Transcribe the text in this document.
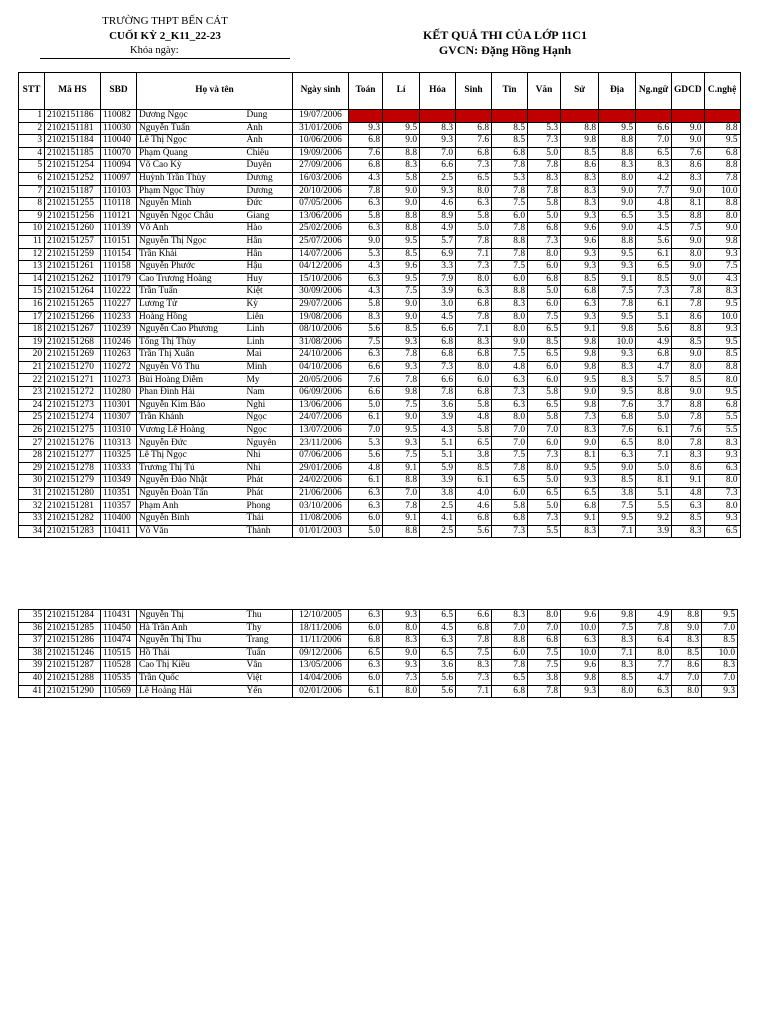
TRƯỜNG THPT BẾN CÁT
CUỐI KỲ 2_K11_22-23
Khóa ngày:
KẾT QUẢ THI CỦA LỚP 11C1
GVCN: Đặng Hồng Hạnh
STT	Mã HS	SBD	Họ và tên		Ngày sinh	Toán	Lí	Hóa	Sinh	Tin	Văn	Sử	Địa	Ng.ngữ	GDCD	C.nghệ
1	2102151186	110082	Dương Ngọc	Dung	19/07/2006											
2	2102151181	110030	Nguyễn Tuấn	Anh	31/01/2006	9.3	9.5	8.3	6.8	8.5	5.3	8.8	9.5	6.6	9.0	8.8
3	2102151184	110040	Lê Thị Ngọc	Ánh	10/06/2006	6.8	9.0	9.3	7.6	8.5	7.3	9.8	8.8	7.0	9.0	9.5
4	2102151185	110070	Phạm Quang	Chiêu	19/09/2006	7.6	8.8	7.0	6.8	6.8	5.0	8.5	8.8	6.5	7.6	6.8
5	2102151254	110094	Võ Cao Kỳ	Duyên	27/09/2006	6.8	8.3	6.6	7.3	7.8	7.8	8.6	8.3	8.3	8.6	8.8
6	2102151252	110097	Huỳnh Trần Thùy	Dương	16/03/2006	4.3	5.8	2.5	6.5	5.3	8.3	8.3	8.0	4.2	8.3	7.8
7	2102151187	110103	Phạm Ngọc Thùy	Dương	20/10/2006	7.8	9.0	9.3	8.0	7.8	7.8	8.3	9.0	7.7	9.0	10.0
8	2102151255	110118	Nguyễn Minh	Đức	07/05/2006	6.3	9.0	4.6	6.3	7.5	5.8	8.3	9.0	4.8	8.1	8.8
9	2102151256	110121	Nguyễn Ngọc Châu	Giang	13/06/2006	5.8	8.8	8.9	5.8	6.0	5.0	9.3	6.5	3.5	8.8	8.0
10	2102151260	110139	Võ Anh	Hào	25/02/2006	6.3	8.8	4.9	5.0	7.8	6.8	9.6	9.0	4.5	7.5	9.0
11	2102151257	110151	Nguyễn Thị Ngọc	Hân	25/07/2006	9.0	9.5	5.7	7.8	8.8	7.3	9.6	8.8	5.6	9.0	9.8
12	2102151259	110154	Trần Khải	Hân	14/07/2006	5.3	8.5	6.9	7.1	7.8	8.0	9.3	9.5	6.1	8.0	9.3
13	2102151261	110158	Nguyễn Phước	Hậu	04/12/2006	4.3	9.6	3.3	7.3	7.5	6.0	9.3	9.3	6.5	9.0	7.5
14	2102151262	110179	Cao Trương Hoàng	Huy	15/10/2006	6.3	9.5	7.9	8.0	6.0	6.8	8.5	9.1	8.5	9.0	4.3
15	2102151264	110222	Trần Tuấn	Kiệt	30/09/2006	4.3	7.5	3.9	6.3	8.8	5.0	6.8	7.5	7.3	7.8	8.3
16	2102151265	110227	Lương Tử	Kỳ	29/07/2006	5.8	9.0	3.0	6.8	8.3	6.0	6.3	7.8	6.1	7.8	9.5
17	2102151266	110233	Hoàng Hồng	Liên	19/08/2006	8.3	9.0	4.5	7.8	8.0	7.5	9.3	9.5	5.1	8.6	10.0
18	2102151267	110239	Nguyễn Cao Phương	Linh	08/10/2006	5.6	8.5	6.6	7.1	8.0	6.5	9.1	9.8	5.6	8.8	9.3
19	2102151268	110246	Tống Thị Thùy	Linh	31/08/2006	7.5	9.3	6.8	8.3	9.0	8.5	9.8	10.0	4.9	8.5	9.5
20	2102151269	110263	Trần Thị Xuân	Mai	24/10/2006	6.3	7.8	6.8	6.8	7.5	6.5	9.8	9.3	6.8	9.0	8.5
21	2102151270	110272	Nguyễn Võ Thu	Minh	04/10/2006	6.6	9.3	7.3	8.0	4.8	6.0	9.8	8.3	4.7	8.0	8.8
22	2102151271	110273	Bùi Hoàng Diễm	My	20/05/2006	7.6	7.8	6.6	6.0	6.3	6.0	9.5	8.3	5.7	8.5	8.0
23	2102151272	110280	Phan Đình Hải	Nam	06/09/2006	6.6	9.8	7.8	6.8	7.3	5.8	9.0	9.5	8.8	9.0	9.5
24	2102151273	110301	Nguyễn Kim Bảo	Nghi	13/06/2006	5.0	7.5	3.6	5.8	6.3	6.5	9.8	7.6	3.7	8.8	6.8
25	2102151274	110307	Trần Khánh	Ngọc	24/07/2006	6.1	9.0	3.9	4.8	8.0	5.8	7.3	6.8	5.0	7.8	5.5
26	2102151275	110310	Vương Lê Hoàng	Ngọc	13/07/2006	7.0	9.5	4.3	5.8	7.0	7.0	8.3	7.6	6.1	7.6	5.5
27	2102151276	110313	Nguyễn Đức	Nguyên	23/11/2006	5.3	9.3	5.1	6.5	7.0	6.0	9.0	6.5	8.0	7.8	8.3
28	2102151277	110325	Lê Thị Ngọc	Nhi	07/06/2006	5.6	7.5	5.1	3.8	7.5	7.3	8.1	6.3	7.1	8.3	9.3
29	2102151278	110333	Trương Thị Tú	Nhi	29/01/2006	4.8	9.1	5.9	8.5	7.8	8.0	9.5	9.0	5.0	8.6	6.3
30	2102151279	110349	Nguyễn Đào Nhật	Phát	24/02/2006	6.1	8.8	3.9	6.1	6.5	5.0	9.3	8.5	8.1	9.1	8.0
31	2102151280	110351	Nguyễn Đoàn Tấn	Phát	21/06/2006	6.3	7.0	3.8	4.0	6.0	6.5	6.5	3.8	5.1	4.8	7.3
32	2102151281	110357	Phạm Anh	Phong	03/10/2006	6.3	7.8	2.5	4.6	5.8	5.0	6.8	7.5	5.5	6.3	8.0
33	2102151282	110400	Nguyễn Bình	Thái	11/08/2006	6.0	9.1	4.1	6.8	6.8	7.3	9.1	9.5	9.2	8.5	9.3
34	2102151283	110411	Võ Văn	Thành	01/01/2003	5.0	8.8	2.5	5.6	7.3	5.5	8.3	7.1	3.9	8.3	6.5
35	2102151284	110431	Nguyễn Thị	Thu	12/10/2005	6.3	9.3	6.5	6.6	8.3	8.0	9.6	9.8	4.9	8.8	9.5
36	2102151285	110450	Hà Trần Anh	Thy	18/11/2006	6.0	8.0	4.5	6.8	7.0	7.0	10.0	7.5	7.8	9.0	7.0
37	2102151286	110474	Nguyễn Thị Thu	Trang	11/11/2006	6.8	8.3	6.3	7.8	8.8	6.8	6.3	8.3	6.4	8.3	8.5
38	2102151246	110515	Hồ Thái	Tuấn	09/12/2006	6.5	9.0	6.5	7.5	6.0	7.5	10.0	7.1	8.0	8.5	10.0
39	2102151287	110528	Cao Thị Kiều	Vân	13/05/2006	6.3	9.3	3.6	8.3	7.8	7.5	9.6	8.3	7.7	8.6	8.3
40	2102151288	110535	Trần Quốc	Việt	14/04/2006	6.0	7.3	5.6	7.3	6.5	3.8	9.8	8.5	4.7	7.0	7.0
41	2102151290	110569	Lê Hoàng Hải	Yến	02/01/2006	6.1	8.0	5.6	7.1	6.8	7.8	9.3	8.0	6.3	8.0	9.3
